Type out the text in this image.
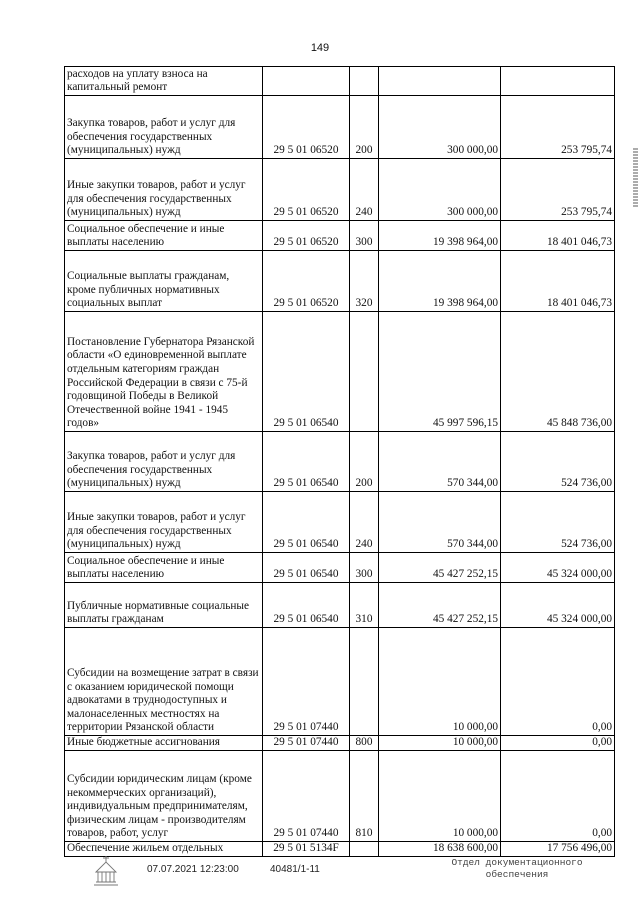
149
расходов на уплату взноса на капитальный ремонт				
Закупка товаров, работ и услуг для обеспечения государственных (муниципальных) нужд	29 5 01 06520	200	300 000,00	253 795,74
Иные закупки товаров, работ и услуг для обеспечения государственных (муниципальных) нужд	29 5 01 06520	240	300 000,00	253 795,74
Социальное обеспечение и иные выплаты населению	29 5 01 06520	300	19 398 964,00	18 401 046,73
Социальные выплаты гражданам, кроме публичных нормативных социальных выплат	29 5 01 06520	320	19 398 964,00	18 401 046,73
Постановление Губернатора Рязанской области «О единовременной выплате отдельным категориям граждан Российской Федерации в связи с 75-й годовщиной Победы в Великой Отечественной войне 1941 - 1945 годов»	29 5 01 06540		45 997 596,15	45 848 736,00
Закупка товаров, работ и услуг для обеспечения государственных (муниципальных) нужд	29 5 01 06540	200	570 344,00	524 736,00
Иные закупки товаров, работ и услуг для обеспечения государственных (муниципальных) нужд	29 5 01 06540	240	570 344,00	524 736,00
Социальное обеспечение и иные выплаты населению	29 5 01 06540	300	45 427 252,15	45 324 000,00
Публичные нормативные социальные выплаты гражданам	29 5 01 06540	310	45 427 252,15	45 324 000,00
Субсидии на возмещение затрат в связи с оказанием юридической помощи адвокатами в труднодоступных и малонаселенных местностях на территории Рязанской области	29 5 01 07440		10 000,00	0,00
Иные бюджетные ассигнования	29 5 01 07440	800	10 000,00	0,00
Субсидии юридическим лицам (кроме некоммерческих организаций), индивидуальным предпринимателям, физическим лицам - производителям товаров, работ, услуг	29 5 01 07440	810	10 000,00	0,00
Обеспечение жильем отдельных	29 5 01 5134F		18 638 600,00	17 756 496,00
07.07.2021 12:23:00	40481/1-11
Отдел документационного обеспечения
